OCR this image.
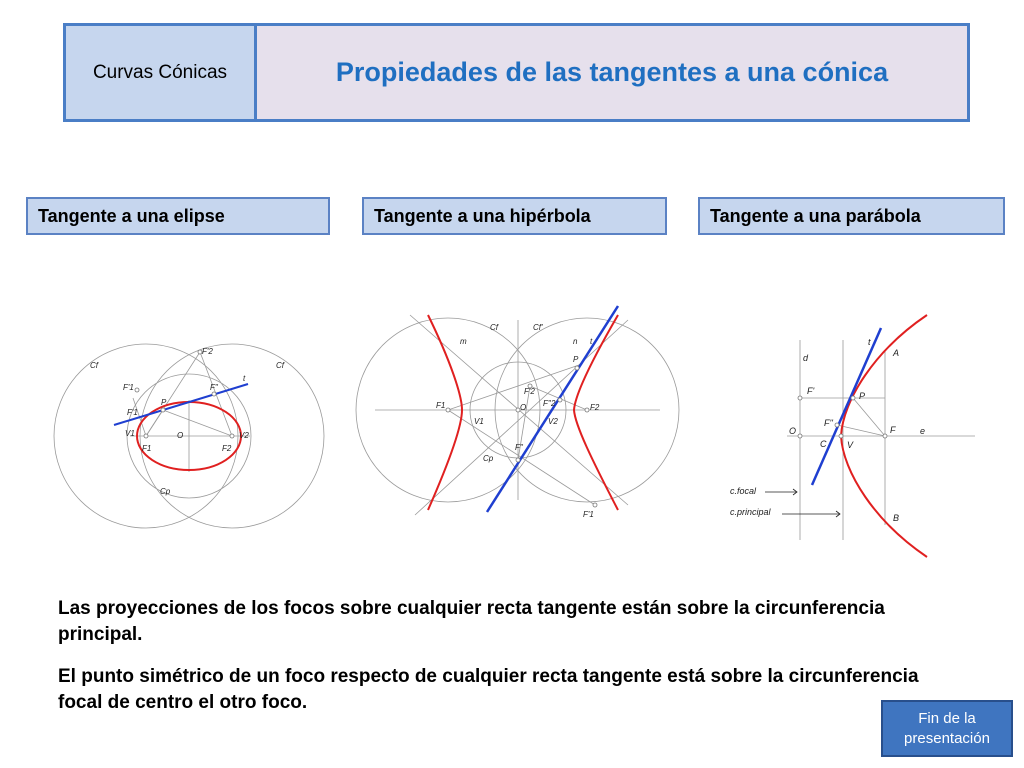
Curvas Cónicas	Propiedades de las tangentes a una cónica
Tangente a una elipse	Tangente a una hipérbola	Tangente a una parábola
Cf	Cf
F'2
F'1
F'1
F''
t
P
V1	O	V2
F1	F2
Cp
Cf	Cf'
m	n t
P
F'2
F''2
F1	O	F2
V1	V2
F''
Cp
F'1
t
A
d
F'	P
F''
O	F	e
C V
c.focal
c.principal
B
Las proyecciones de los focos sobre cualquier recta tangente están sobre la circunferencia principal.
El punto simétrico de un foco respecto de cualquier recta tangente está sobre la circunferencia focal de centro el otro foco.
Fin de la presentación
